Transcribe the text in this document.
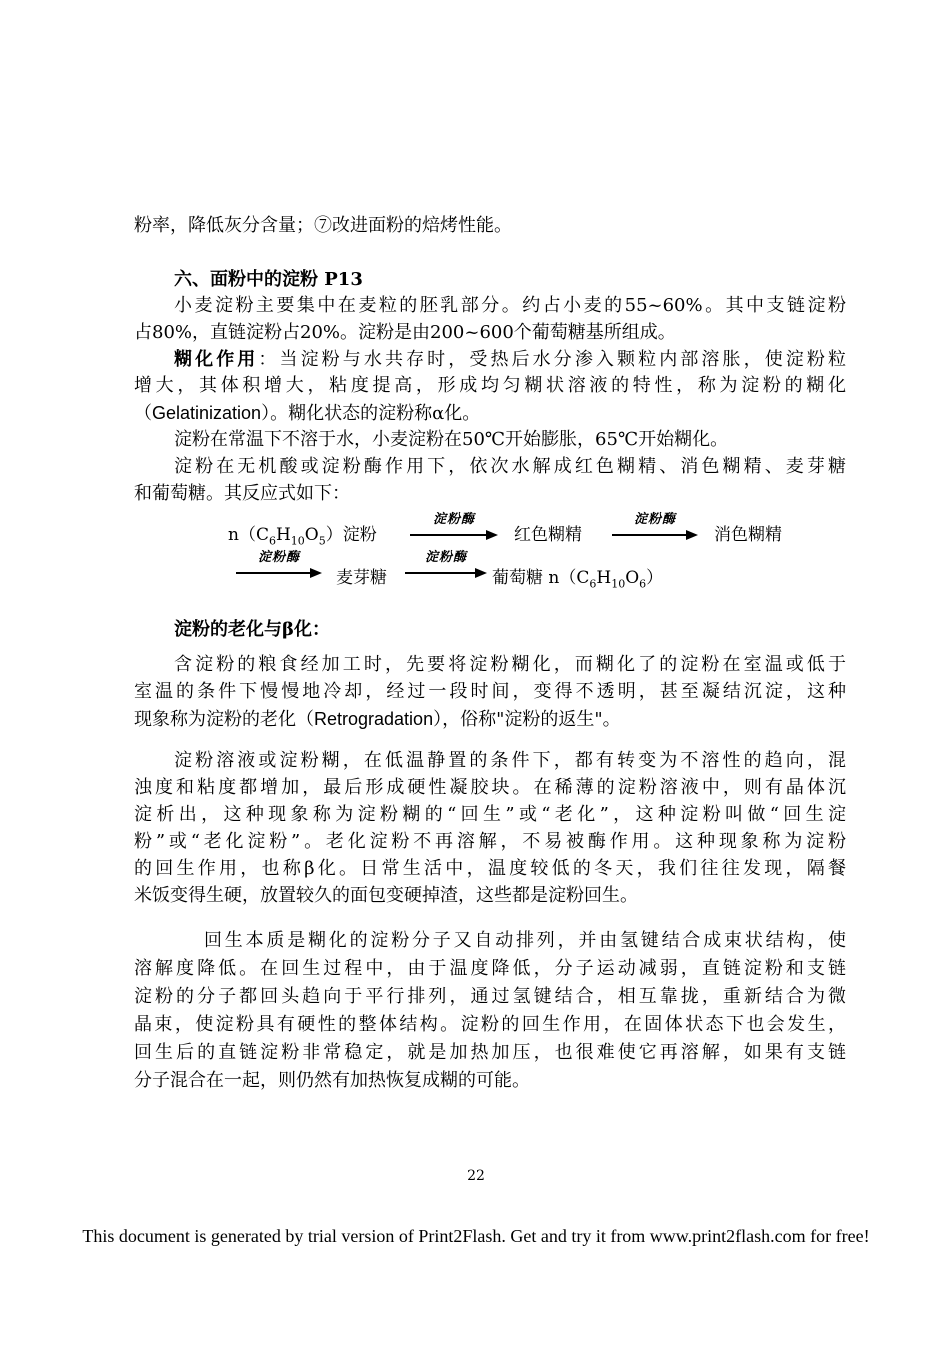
粉率，降低灰分含量；⑦改进面粉的焙烤性能。

六、面粉中的淀粉 P13

小麦淀粉主要集中在麦粒的胚乳部分。约占小麦的55~60%。其中支链淀粉

占80%，直链淀粉占20%。淀粉是由200~600个葡萄糖基所组成。

糊化作用：当淀粉与水共存时，受热后水分渗入颗粒内部溶胀，使淀粉粒

增大，其体积增大，粘度提高，形成均匀糊状溶液的特性，称为淀粉的糊化

（Gelatinization）。糊化状态的淀粉称α化。

淀粉在常温下不溶于水，小麦淀粉在50℃开始膨胀，65℃开始糊化。

淀粉在无机酸或淀粉酶作用下，依次水解成红色糊精、消色糊精、麦芽糖

和葡萄糖。其反应式如下：

$n(C_6H_{10}O_5)$淀粉
淀粉酶
红色糊精
淀粉酶
消色糊精
淀粉酶
麦芽糖
淀粉酶
葡萄糖 $n(C_6H_{10}O_6)$

淀粉的老化与β化：

含淀粉的粮食经加工时，先要将淀粉糊化，而糊化了的淀粉在室温或低于

室温的条件下慢慢地冷却，经过一段时间，变得不透明，甚至凝结沉淀，这种

现象称为淀粉的老化（Retrogradation），俗称"淀粉的返生"。

淀粉溶液或淀粉糊，在低温静置的条件下，都有转变为不溶性的趋向，混

浊度和粘度都增加，最后形成硬性凝胶块。在稀薄的淀粉溶液中，则有晶体沉

淀析出，这种现象称为淀粉糊的“回生”或“老化”，这种淀粉叫做“回生淀

粉”或“老化淀粉”。老化淀粉不再溶解，不易被酶作用。这种现象称为淀粉

的回生作用，也称β化。日常生活中，温度较低的冬天，我们往往发现，隔餐

米饭变得生硬，放置较久的面包变硬掉渣，这些都是淀粉回生。

回生本质是糊化的淀粉分子又自动排列，并由氢键结合成束状结构，使

溶解度降低。在回生过程中，由于温度降低，分子运动减弱，直链淀粉和支链

淀粉的分子都回头趋向于平行排列，通过氢键结合，相互靠拢，重新结合为微

晶束，使淀粉具有硬性的整体结构。淀粉的回生作用，在固体状态下也会发生，

回生后的直链淀粉非常稳定，就是加热加压，也很难使它再溶解，如果有支链

分子混合在一起，则仍然有加热恢复成糊的可能。

22
This document is generated by trial version of Print2Flash. Get and try it from www.print2flash.com for free!
